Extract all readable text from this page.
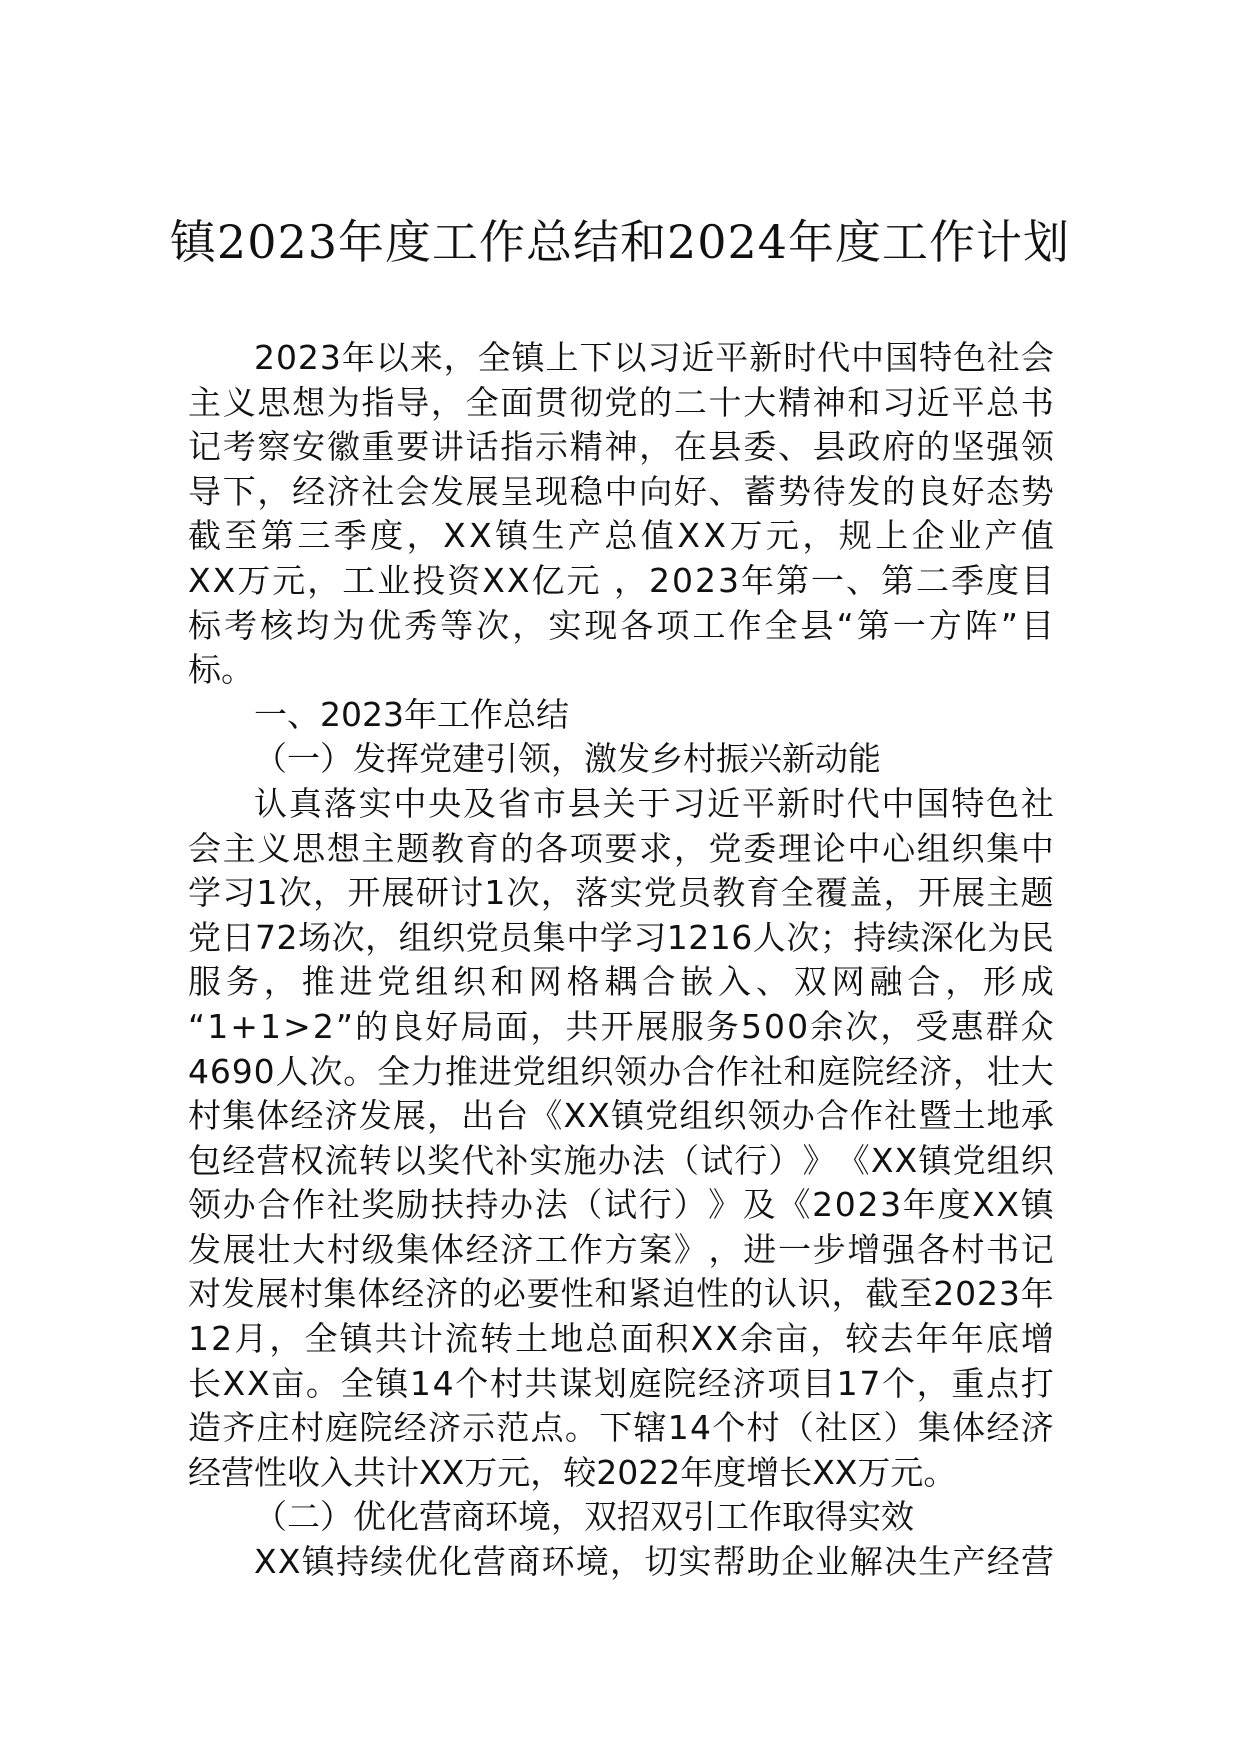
镇2023年度工作总结和2024年度工作计划
2 0 2 3 年 以 来 ， 全 镇 上 下 以 习 近 平 新 时 代 中 国 特 色 社 会
主 义 思 想 为 指 导 ， 全 面 贯 彻 党 的 二 十 大 精 神 和 习 近 平 总 书
记 考 察 安 徽 重 要 讲 话 指 示 精 神 ， 在 县 委 、 县 政 府 的 坚 强 领
导 下 ， 经 济 社 会 发 展 呈 现 稳 中 向 好 、 蓄 势 待 发 的 良 好 态 势
截 至 第 三 季 度 ， X X 镇 生 产 总 值 X X 万 元 ， 规 上 企 业 产 值
X X 万 元 ， 工 业 投 资 X X 亿 元
， 2 0 2 3 年 第 一 、 第 二 季 度 目
标 考 核 均 为 优 秀 等 次 ， 实 现 各 项 工 作 全 县 “ 第 一 方 阵 ” 目
标。
一、2023年工作总结
（一）发挥党建引领，激发乡村振兴新动能
认 真 落 实 中 央 及 省 市 县 关 于 习 近 平 新 时 代 中 国 特 色 社
会 主 义 思 想 主 题 教 育 的 各 项 要 求 ， 党 委 理 论 中 心 组 织 集 中
学 习 1 次 ， 开 展 研 讨 1 次 ， 落 实 党 员 教 育 全 覆 盖 ， 开 展 主 题
党 日 7 2 场 次 ， 组 织 党 员 集 中 学 习 1 2 1 6 人 次 ； 持 续 深 化 为 民
服 务 ， 推 进 党 组 织 和 网 格 耦 合 嵌 入 、 双 网 融 合 ， 形 成
“ 1 + 1 > 2 ” 的 良 好 局 面 ， 共 开 展 服 务 5 0 0 余 次 ， 受 惠 群 众
4 6 9 0 人 次 。 全 力 推 进 党 组 织 领 办 合 作 社 和 庭 院 经 济 ， 壮 大
村 集 体 经 济 发 展 ， 出 台 《 X X 镇 党 组 织 领 办 合 作 社 暨 土 地 承
包 经 营 权 流 转 以 奖 代 补 实 施 办 法 （ 试 行 ） 》 《 X X 镇 党 组 织
领 办 合 作 社 奖 励 扶 持 办 法 （ 试 行 ） 》 及 《 2 0 2 3 年 度 X X 镇
发 展 壮 大 村 级 集 体 经 济 工 作 方 案 》 ， 进 一 步 增 强 各 村 书 记
对 发 展 村 集 体 经 济 的 必 要 性 和 紧 迫 性 的 认 识 ， 截 至 2 0 2 3 年
1 2 月 ， 全 镇 共 计 流 转 土 地 总 面 积 X X 余 亩 ， 较 去 年 年 底 增
长 X X 亩 。 全 镇 1 4 个 村 共 谋 划 庭 院 经 济 项 目 1 7 个 ， 重 点 打
造 齐 庄 村 庭 院 经 济 示 范 点 。 下 辖 1 4 个 村 （ 社 区 ） 集 体 经 济
经营性收入共计XX万元，较2022年度增长XX万元。
（二）优化营商环境，双招双引工作取得实效
X X 镇 持 续 优 化 营 商 环 境 ， 切 实 帮 助 企 业 解 决 生 产 经 营
